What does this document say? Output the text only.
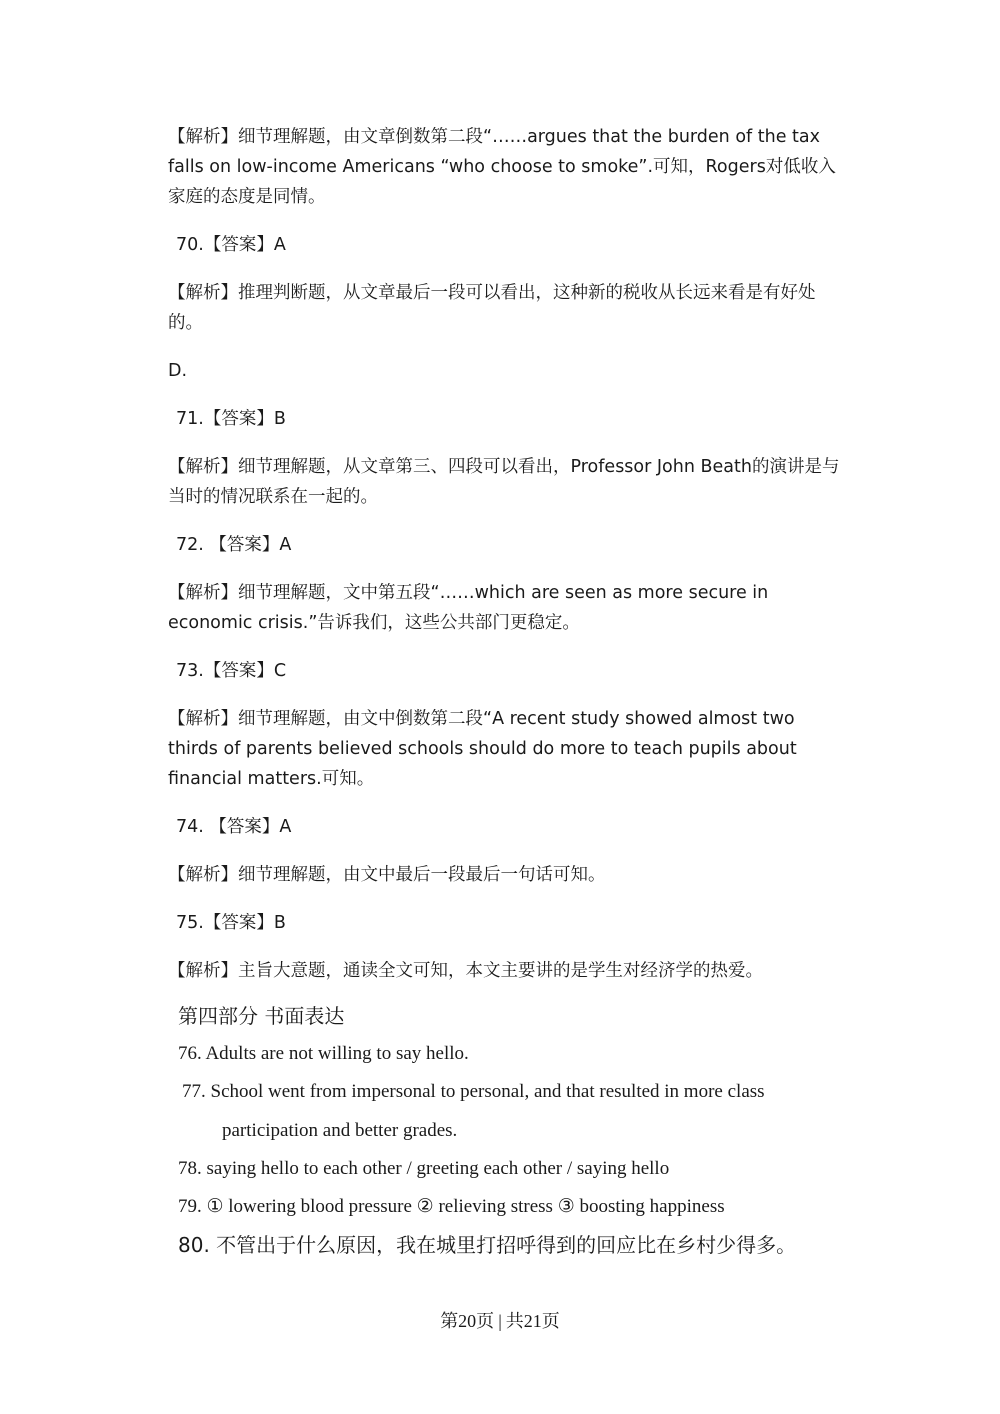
【解析】细节理解题，由文章倒数第二段“……argues that the burden of the tax falls on low-income Americans “who choose to smoke”.可知，Rogers对低收入家庭的态度是同情。

70.【答案】A

【解析】推理判断题，从文章最后一段可以看出，这种新的税收从长远来看是有好处的。

D.

71.【答案】B

【解析】细节理解题，从文章第三、四段可以看出，Professor John Beath的演讲是与当时的情况联系在一起的。

72. 【答案】A

【解析】细节理解题，文中第五段“……which are seen as more secure in economic crisis.”告诉我们，这些公共部门更稳定。

73.【答案】C

【解析】细节理解题，由文中倒数第二段“A recent study showed almost two thirds of parents believed schools should do more to teach pupils about financial matters.可知。

74. 【答案】A

【解析】细节理解题，由文中最后一段最后一句话可知。

75.【答案】B

【解析】主旨大意题，通读全文可知，本文主要讲的是学生对经济学的热爱。

第四部分 书面表达

76. Adults are not willing to say hello.

77. School went from impersonal to personal, and that resulted in more class
participation and better grades.

78. saying hello to each other / greeting each other / saying hello

79. ① lowering blood pressure ② relieving stress ③ boosting happiness

80. 不管出于什么原因，我在城里打招呼得到的回应比在乡村少得多。

第20页 | 共21页
